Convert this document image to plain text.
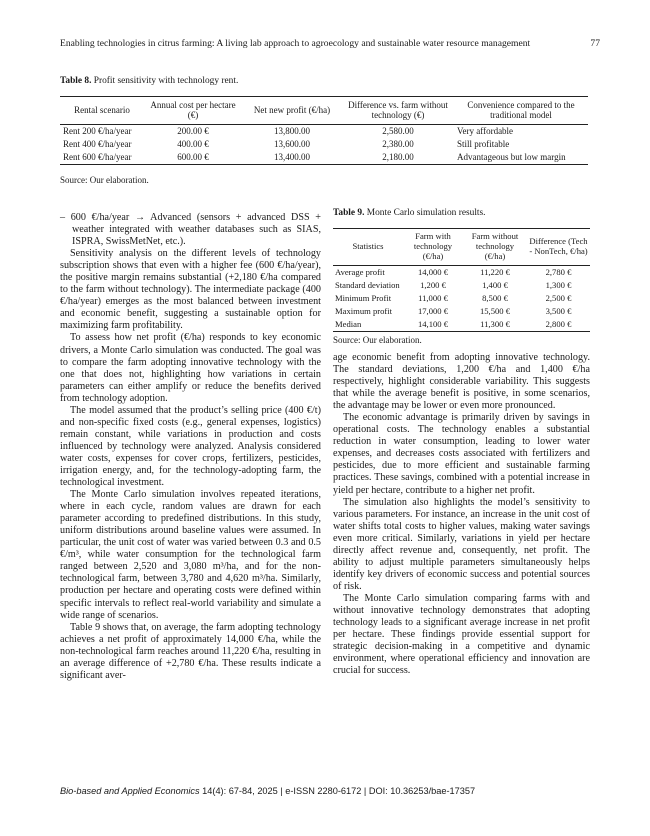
Enabling technologies in citrus farming: A living lab approach to agroecology and sustainable water resource management	77
Table 8. Profit sensitivity with technology rent.
Rental scenario	Annual cost per hectare (€)	Net new profit (€/ha)	Difference vs. farm without technology (€)	Convenience compared to the traditional model
Rent 200 €/ha/year	200.00 €	13,800.00	2,580.00	Very affordable
Rent 400 €/ha/year	400.00 €	13,600.00	2,380.00	Still profitable
Rent 600 €/ha/year	600.00 €	13,400.00	2,180.00	Advantageous but low margin
Source: Our elaboration.

– 600 €/ha/year → Advanced (sensors + advanced DSS + weather integrated with weather databases such as SIAS, ISPRA, SwissMetNet, etc.).

Sensitivity analysis on the different levels of technology subscription shows that even with a higher fee (600 €/ha/year), the positive margin remains substantial (+2,180 €/ha compared to the farm without technology). The intermediate package (400 €/ha/year) emerges as the most balanced between investment and economic benefit, suggesting a sustainable option for maximizing farm profitability.

To assess how net profit (€/ha) responds to key economic drivers, a Monte Carlo simulation was conducted. The goal was to compare the farm adopting innovative technology with the one that does not, highlighting how variations in certain parameters can either amplify or reduce the benefits derived from technology adoption.

The model assumed that the product’s selling price (400 €/t) and non-specific fixed costs (e.g., general expenses, logistics) remain constant, while variations in production and costs influenced by technology were analyzed. Analysis considered water costs, expenses for cover crops, fertilizers, pesticides, irrigation energy, and, for the technology-adopting farm, the technological investment.

The Monte Carlo simulation involves repeated iterations, where in each cycle, random values are drawn for each parameter according to predefined distributions. In this study, uniform distributions around baseline values were assumed. In particular, the unit cost of water was varied between 0.3 and 0.5 €/m³, while water consumption for the technological farm ranged between 2,520 and 3,080 m³/ha, and for the non-technological farm, between 3,780 and 4,620 m³/ha. Similarly, production per hectare and operating costs were defined within specific intervals to reflect real-world variability and simulate a wide range of scenarios.

Table 9 shows that, on average, the farm adopting technology achieves a net profit of approximately 14,000 €/ha, while the non-technological farm reaches around 11,220 €/ha, resulting in an average difference of +2,780 €/ha. These results indicate a significant aver-

Table 9. Monte Carlo simulation results.
Statistics	Farm with technology (€/ha)	Farm without technology (€/ha)	Difference (Tech - NonTech, €/ha)
Average profit	14,000 €	11,220 €	2,780 €
Standard deviation	1,200 €	1,400 €	1,300 €
Minimum Profit	11,000 €	8,500 €	2,500 €
Maximum profit	17,000 €	15,500 €	3,500 €
Median	14,100 €	11,300 €	2,800 €
Source: Our elaboration.

age economic benefit from adopting innovative technology. The standard deviations, 1,200 €/ha and 1,400 €/ha respectively, highlight considerable variability. This suggests that while the average benefit is positive, in some scenarios, the advantage may be lower or even more pronounced.

The economic advantage is primarily driven by savings in operational costs. The technology enables a substantial reduction in water consumption, leading to lower water expenses, and decreases costs associated with fertilizers and pesticides, due to more efficient and sustainable farming practices. These savings, combined with a potential increase in yield per hectare, contribute to a higher net profit.

The simulation also highlights the model’s sensitivity to various parameters. For instance, an increase in the unit cost of water shifts total costs to higher values, making water savings even more critical. Similarly, variations in yield per hectare directly affect revenue and, consequently, net profit. The ability to adjust multiple parameters simultaneously helps identify key drivers of economic success and potential sources of risk.

The Monte Carlo simulation comparing farms with and without innovative technology demonstrates that adopting technology leads to a significant average increase in net profit per hectare. These findings provide essential support for strategic decision-making in a competitive and dynamic environment, where operational efficiency and innovation are crucial for success.

Bio-based and Applied Economics 14(4): 67-84, 2025 | e-ISSN 2280-6172 | DOI: 10.36253/bae-17357
